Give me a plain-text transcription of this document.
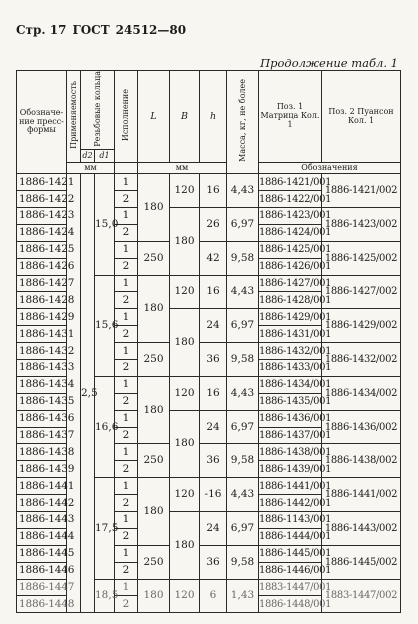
Стр. 17 ГОСТ 24512—80
Продолжение табл. 1
Обозначе-ние пресс-формы	Применяемость	Резьбовые кольца		Исполнение	L	B	h	Масса, кг, не более	Поз. 1 Матрица Кол. 1	Поз. 2 Пуансон Кол. 1

		d2	d1							
	мм				мм				Обозначения	
1886-1421		2,5	15,0	1	180	120	16	4,43	1886-1421/001	1886-1421/002
1886-1422				2					1886-1422/001	
1886-1423				1		180	26	6,97	1886-1423/001	1886-1423/002
1886-1424				2					1886-1424/001	
1886-1425				1	250		42	9,58	1886-1425/001	1886-1425/002
1886-1426				2					1886-1426/001	
1886-1427			15,6	1	180	120	16	4,43	1886-1427/001	1886-1427/002
1886-1428				2					1886-1428/001	
1886-1429				1		180	24	6,97	1886-1429/001	1886-1429/002
1886-1431				2					1886-1431/001	
1886-1432				1	250		36	9,58	1886-1432/001	1886-1432/002
1886-1433				2					1886-1433/001	
1886-1434			16,6	1	180	120	16	4,43	1886-1434/001	1886-1434/002
1886-1435				2					1886-1435/001	
1886-1436				1		180	24	6,97	1886-1436/001	1886-1436/002
1886-1437				2					1886-1437/001	
1886-1438				1	250		36	9,58	1886-1438/001	1886-1438/002
1886-1439				2					1886-1439/001	
1886-1441			17,5	1	180	120	-16	4,43	1886-1441/001	1886-1441/002
1886-1442				2					1886-1442/001	
1886-1443				1		180	24	6,97	1886-1143/001	1886-1443/002
1886-1444				2					1886-1444/001	
1886-1445				1	250		36	9,58	1886-1445/001	1886-1445/002
1886-1446				2					1886-1446/001	
1886-1447			18,5	1	180	120	6	1,43	1883-1447/001	1883-1447/002
1886-1448				2					1886-1448/001	
